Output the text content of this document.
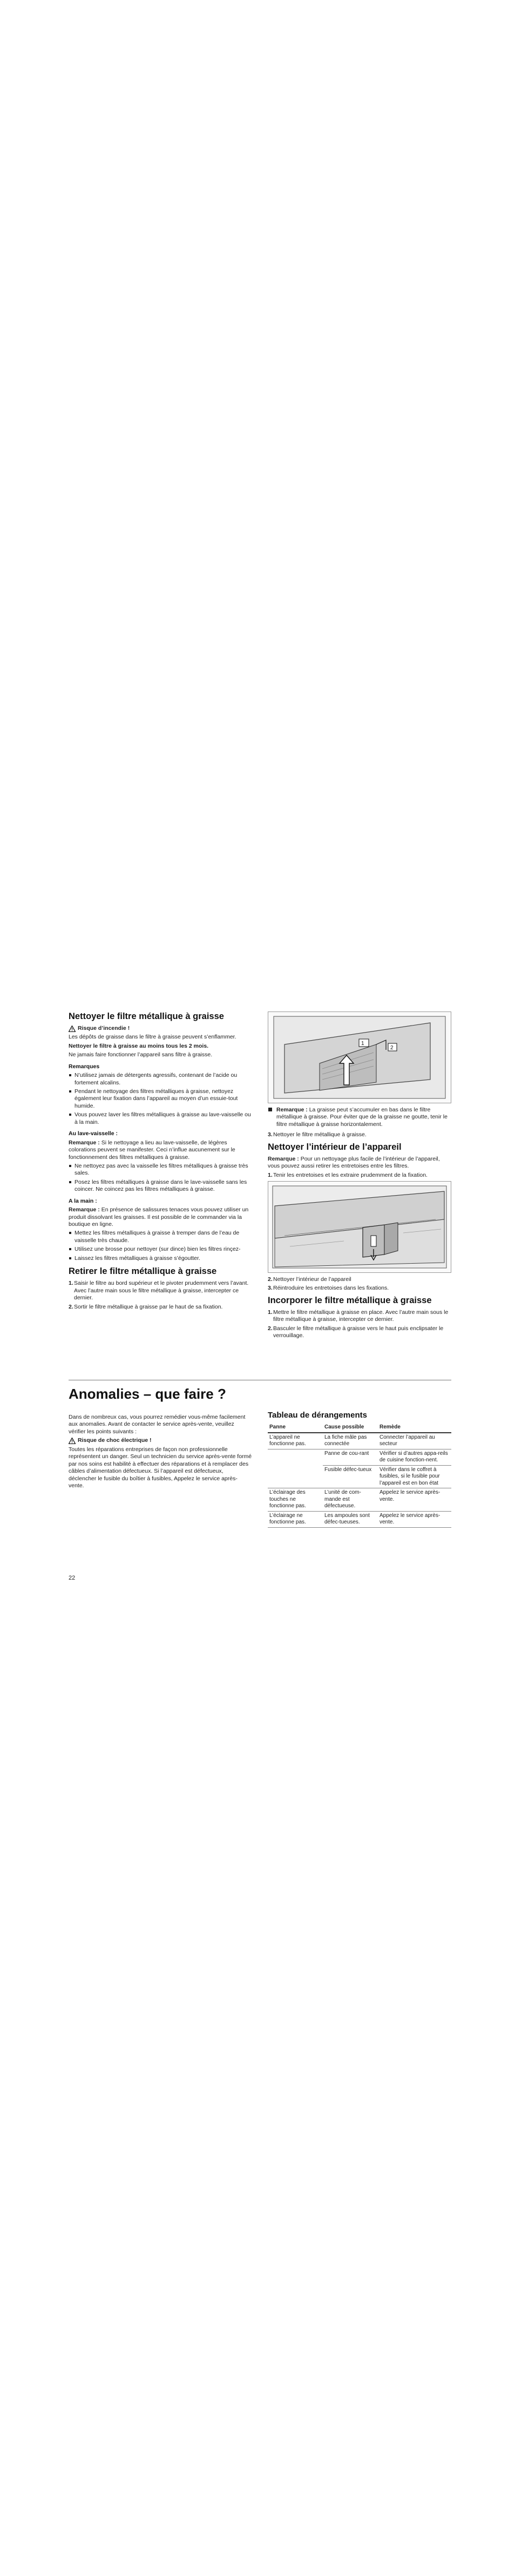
Nettoyer le filtre métallique à graisse
Risque d’incendie !

Les dépôts de graisse dans le filtre à graisse peuvent s’enflammer.

Nettoyer le filtre à graisse au moins tous les 2 mois.

Ne jamais faire fonctionner l’appareil sans filtre à graisse.

Remarques
N’utilisez jamais de détergents agressifs, contenant de l’acide ou fortement alcalins.
Pendant le nettoyage des filtres métalliques à graisse, nettoyez également leur fixation dans l’appareil au moyen d’un essuie-tout humide.
Vous pouvez laver les filtres métalliques à graisse au lave-vaisselle ou à la main.
Au lave-vaisselle :

Remarque : Si le nettoyage a lieu au lave-vaisselle, de légères colorations peuvent se manifester. Ceci n’influe aucunement sur le fonctionnement des filtres métalliques à graisse.

Ne nettoyez pas avec la vaisselle les filtres métalliques à graisse très sales.
Posez les filtres métalliques à graisse dans le lave-vaisselle sans les coincer. Ne coincez pas les filtres métalliques à graisse.
A la main :

Remarque : En présence de salissures tenaces vous pouvez utiliser un produit dissolvant les graisses. Il est possible de le commander via la boutique en ligne.

Mettez les filtres métalliques à graisse à tremper dans de l’eau de vaisselle très chaude.
Utilisez une brosse pour nettoyer (sur dince) bien les filtres rinçez-
Laissez les filtres métalliques à graisse s’égoutter.
Retirer le filtre métallique à graisse
1. Saisir le filtre au bord supérieur et le pivoter prudemment vers l’avant. Avec l’autre main sous le filtre métallique à graisse, intercepter ce dernier.
2. Sortir le filtre métallique à graisse par le haut de sa fixation.
1
2

Remarque : La graisse peut s’accumuler en bas dans le filtre métallique à graisse. Pour éviter que de la graisse ne goutte, tenir le filtre métallique à graisse horizontalement.

3. Nettoyer le filtre métallique à graisse.
Nettoyer l’intérieur de l’appareil

Remarque : Pour un nettoyage plus facile de l’intérieur de l’appareil, vous pouvez aussi retirer les entretoises entre les filtres.

1. Tenir les entretoises et les extraire prudemment de la fixation.
2. Nettoyer l’intérieur de l’appareil
3. Réintroduire les entretoises dans les fixations.
Incorporer le filtre métallique à graisse
1. Mettre le filtre métallique à graisse en place. Avec l’autre main sous le filtre métallique à graisse, intercepter ce dernier.
2. Basculer le filtre métallique à graisse vers le haut puis enclipsater le verrouillage.
Anomalies – que faire ?

Dans de nombreux cas, vous pourrez remédier vous-même facilement aux anomalies. Avant de contacter le service après-vente, veuillez vérifier les points suivants :

Risque de choc électrique !

Toutes les réparations entreprises de façon non professionnelle représentent un danger. Seul un technicien du service après-vente formé par nos soins est habilité à effectuer des réparations et à remplacer des câbles d’alimentation défectueux. Si l’appareil est défectueux, déclencher le fusible du boîtier à fusibles, Appelez le service après-vente.

Tableau de dérangements
Panne	Cause possible	Remède
L’appareil ne fonctionne pas.	La fiche mâle pas connectée	Connecter l’appareil au secteur
	Panne de cou-rant	Vérifier si d’autres appa-reils de cuisine fonction-nent.
	Fusible défec-tueux	Vérifier dans le coffret à fusibles, si le fusible pour l’appareil est en bon état
L’éclairage des touches ne fonctionne pas.	L’unité de com-mande est défectueuse.	Appelez le service après-vente.
L’éclairage ne fonctionne pas.	Les ampoules sont défec-tueuses.	Appelez le service après-vente.
22
